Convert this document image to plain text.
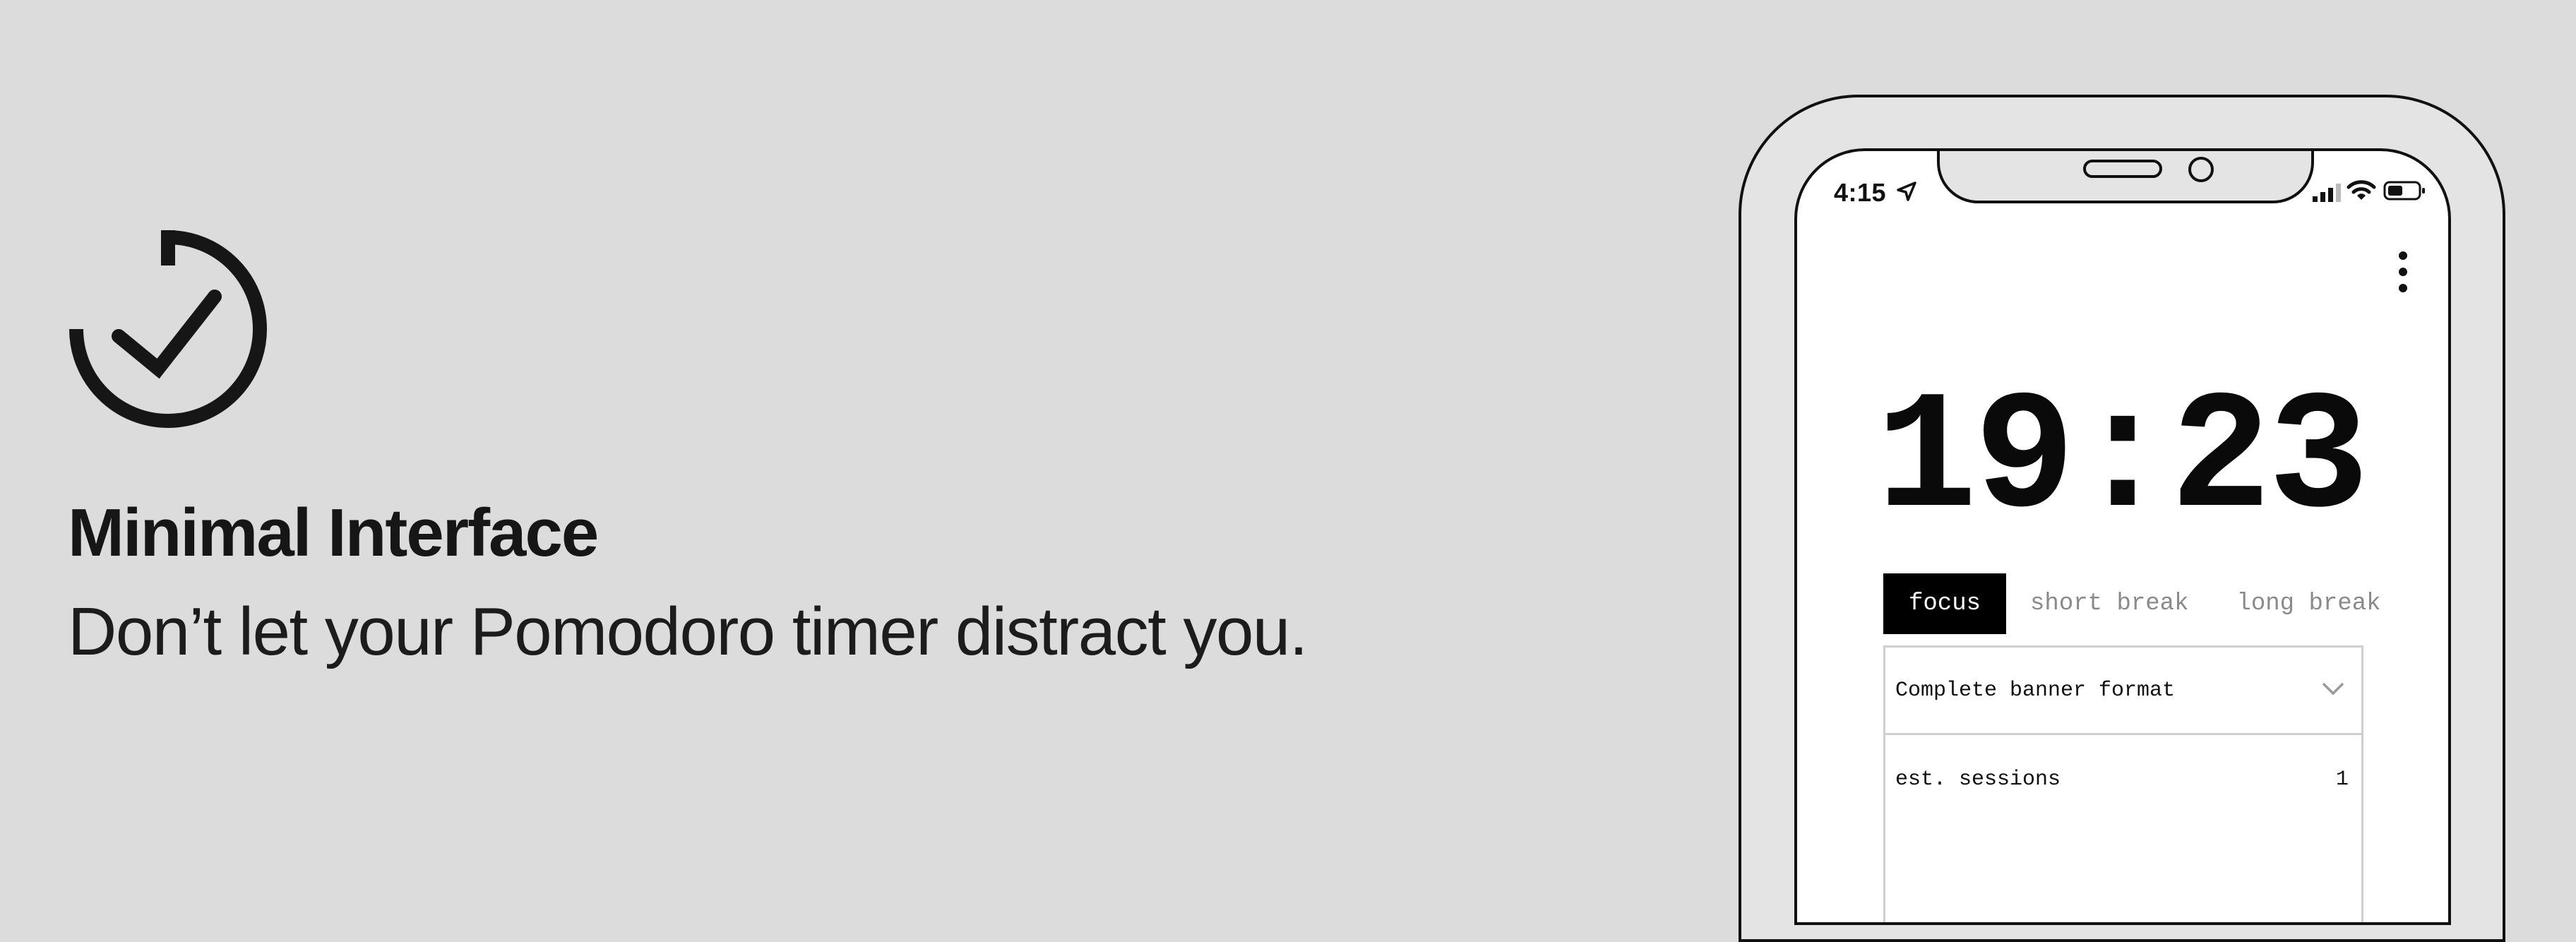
Minimal Interface

Don’t let your Pomodoro timer distract you.

4:15
19:23
focus	short break	long break
Complete banner format
est. sessions	1
